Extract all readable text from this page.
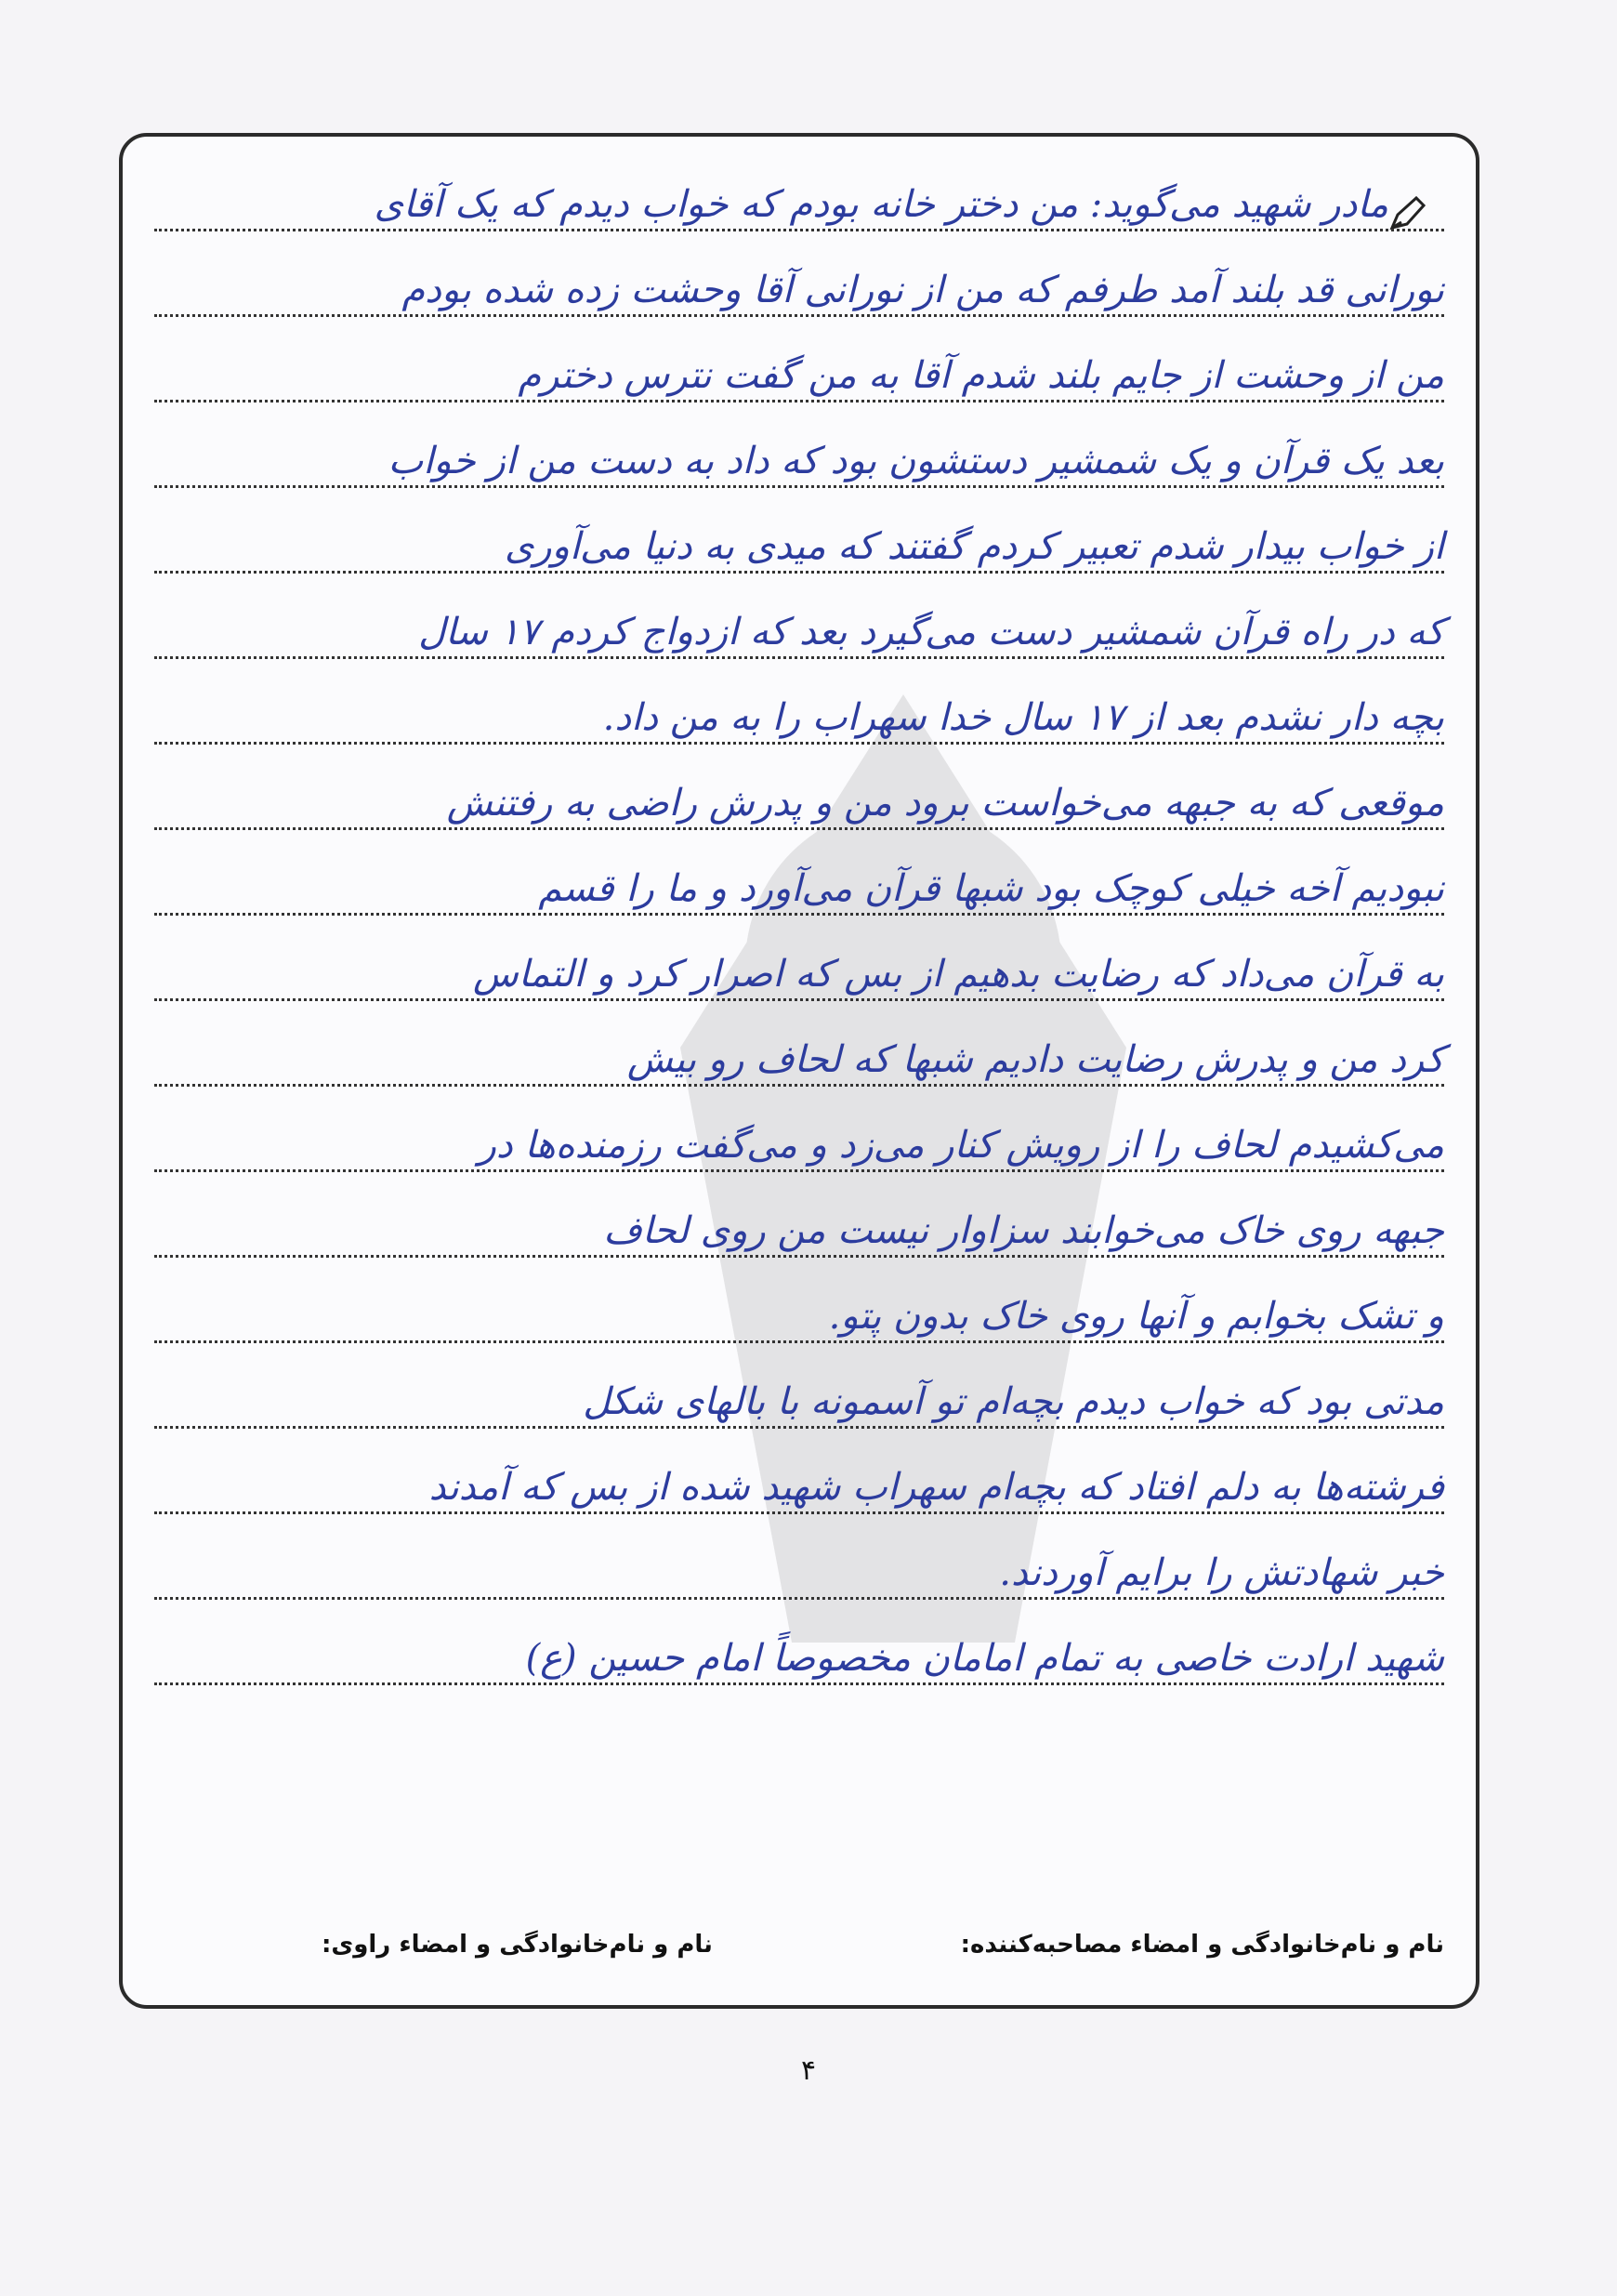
مادر شهید می‌گوید: من دختر خانه بودم که خواب دیدم که یک آقای
نورانی قد بلند آمد طرفم که من از نورانی آقا وحشت زده شده بودم
من از وحشت از جایم بلند شدم آقا به من گفت نترس دخترم
بعد یک قرآن و یک شمشیر دستشون بود که داد به دست من از خواب
از خواب بیدار شدم تعبیر کردم گفتند که میدی به دنیا می‌آوری
که در راه قرآن شمشیر دست می‌گیرد بعد که ازدواج کردم ۱۷ سال
بچه دار نشدم بعد از ۱۷ سال خدا سهراب را به من داد.
موقعی که به جبهه می‌خواست برود من و پدرش راضی به رفتنش
نبودیم آخه خیلی کوچک بود شبها قرآن می‌آورد و ما را قسم
به قرآن می‌داد که رضایت بدهیم از بس که اصرار کرد و التماس
کرد من و پدرش رضایت دادیم شبها که لحاف رو بیش
می‌کشیدم لحاف را از رویش کنار می‌زد و می‌گفت رزمنده‌ها در
جبهه روی خاک می‌خوابند سزاوار نیست من روی لحاف
و تشک بخوابم و آنها روی خاک بدون پتو.
مدتی بود که خواب دیدم بچه‌ام تو آسمونه با بالهای شکل
فرشته‌ها به دلم افتاد که بچه‌ام سهراب شهید شده از بس که آمدند
خبر شهادتش را برایم آوردند.
شهید ارادت خاصی به تمام امامان مخصوصاً امام حسین (ع)
نام و نام‌خانوادگی و امضاء مصاحبه‌کننده:
نام و نام‌خانوادگی و امضاء راوی:
۴
